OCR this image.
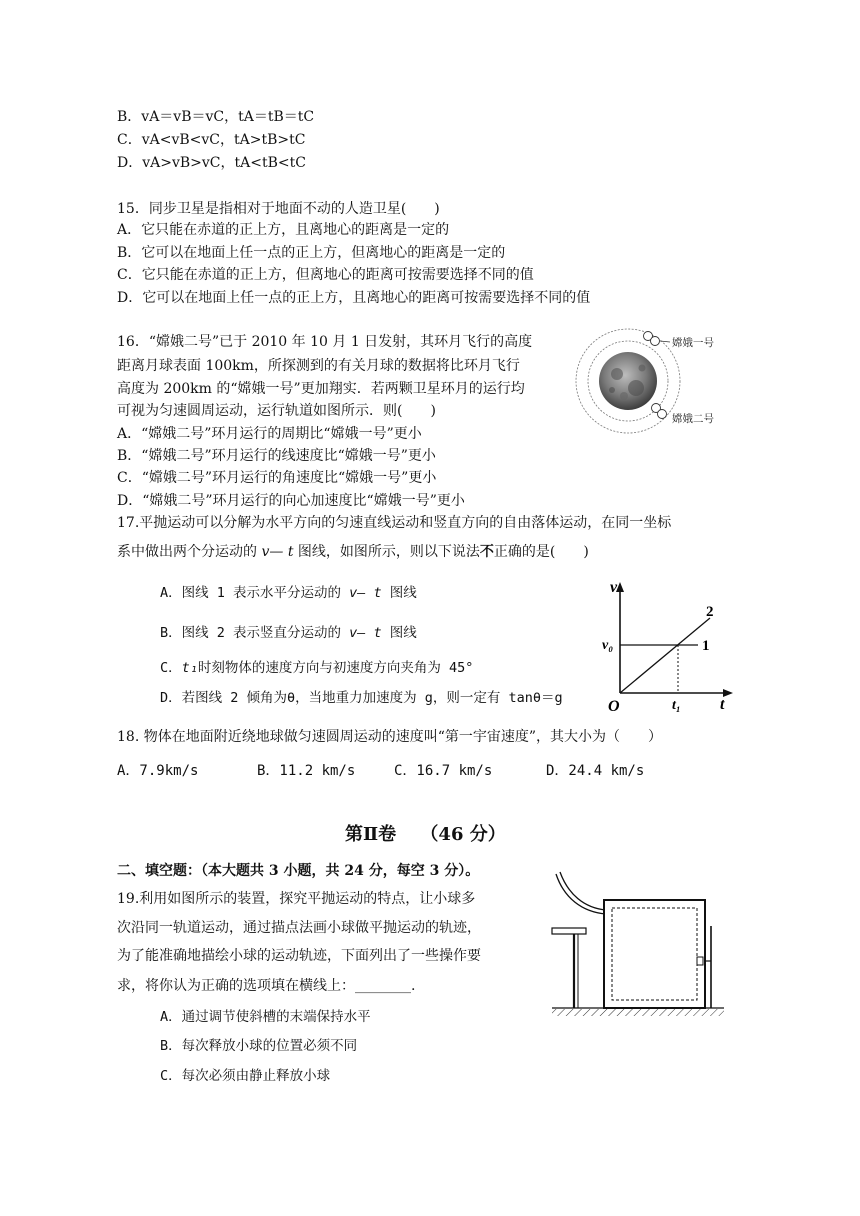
B．vA＝vB＝vC，tA＝tB＝tC
C．vA<vB<vC，tA>tB>tC
D．vA>vB>vC，tA<tB<tC
15．同步卫星是指相对于地面不动的人造卫星(　　)
A．它只能在赤道的正上方，且离地心的距离是一定的
B．它可以在地面上任一点的正上方，但离地心的距离是一定的
C．它只能在赤道的正上方，但离地心的距离可按需要选择不同的值
D．它可以在地面上任一点的正上方，且离地心的距离可按需要选择不同的值
16．“嫦娥二号”已于 2010 年 10 月 1 日发射，其环月飞行的高度
距离月球表面 100km，所探测到的有关月球的数据将比环月飞行
高度为 200km 的“嫦娥一号”更加翔实．若两颗卫星环月的运行均
可视为匀速圆周运动，运行轨道如图所示．则(　　)
A．“嫦娥二号”环月运行的周期比“嫦娥一号”更小
B．“嫦娥二号”环月运行的线速度比“嫦娥一号”更小
C．“嫦娥二号”环月运行的角速度比“嫦娥一号”更小
D．“嫦娥二号”环月运行的向心加速度比“嫦娥一号”更小
嫦娥一号
嫦娥二号
17.平抛运动可以分解为水平方向的匀速直线运动和竖直方向的自由落体运动，在同一坐标
系中做出两个分运动的 v— t 图线，如图所示，则以下说法不正确的是(　　)
A．图线 1 表示水平分运动的 v— t 图线
B．图线 2 表示竖直分运动的 v— t 图线
C．t₁时刻物体的速度方向与初速度方向夹角为 45°
D．若图线 2 倾角为θ，当地重力加速度为 g，则一定有 tanθ＝g
v
t
O
v₀
t₁
1
2
18. 物体在地面附近绕地球做匀速圆周运动的速度叫“第一宇宙速度”，其大小为（　　）
A．7.9km/s	B．11.2 km/s	C．16.7 km/s	D．24.4 km/s
第Ⅱ卷　 （46 分）
二、填空题：（本大题共 3 小题，共 24 分，每空 3 分）。
19.利用如图所示的装置，探究平抛运动的特点，让小球多
次沿同一轨道运动，通过描点法画小球做平抛运动的轨迹，
为了能准确地描绘小球的运动轨迹，下面列出了一些操作要
求，将你认为正确的选项填在横线上：________.
A．通过调节使斜槽的末端保持水平
B．每次释放小球的位置必须不同
C．每次必须由静止释放小球
